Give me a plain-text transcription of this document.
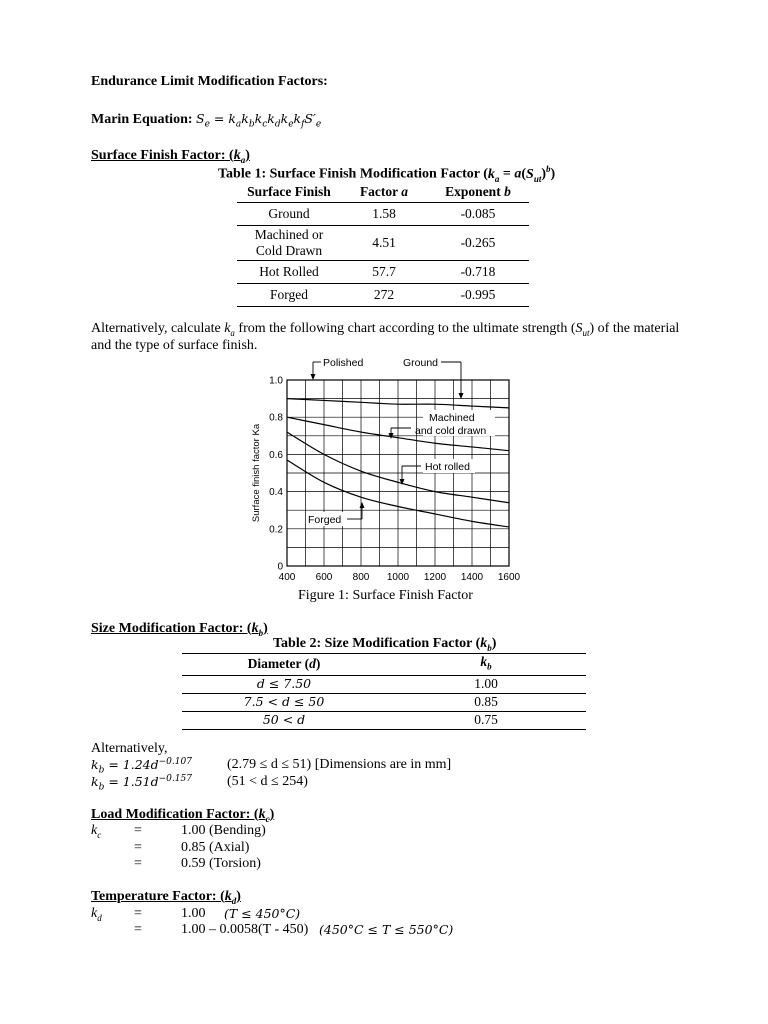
Endurance Limit Modification Factors:
Marin Equation: $S_e = k_ak_bk_ck_dk_ek_fS'_e$
Surface Finish Factor: $(k_a)$
Table 1: Surface Finish Modification Factor $(k_a = a(S_{ut})^b)$
Surface Finish	Factor a	Exponent b
Ground	1.58	-0.085
Machined or
Cold Drawn	4.51	-0.265
Hot Rolled	57.7	-0.718
Forged	272	-0.995
Alternatively, calculate $k_a$ from the following chart according to the ultimate strength $(S_{ut})$ of the material
and the type of surface finish.
400 600 800 1000 1200 1400 1600
0
0.2
0.4
0.6
0.8
1.0
Surface finish factor Ka
Polished	Ground
Machined
and cold drawn
Hot rolled
Forged
Figure 1: Surface Finish Factor
Size Modification Factor: $(k_b)$
Table 2: Size Modification Factor $(k_b)$
Diameter (d)	$k_b$
d ≤ 7.50	1.00
7.5 < d ≤ 50	0.85
50 < d	0.75
Alternatively,
$k_b = 1.24d^{-0.107}$	(2.79 ≤ d ≤ 51) [Dimensions are in mm]
$k_b = 1.51d^{-0.157}$	(51 < d ≤ 254)
Load Modification Factor: $(k_c)$
$k_c$ =	1.00 (Bending)
=	0.85 (Axial)
=	0.59 (Torsion)
Temperature Factor: $(k_d)$
$k_d$ =	1.00 (T ≤ 450°C)
=	1.00 – 0.0058(T - 450) (450°C ≤ T ≤ 550°C)
